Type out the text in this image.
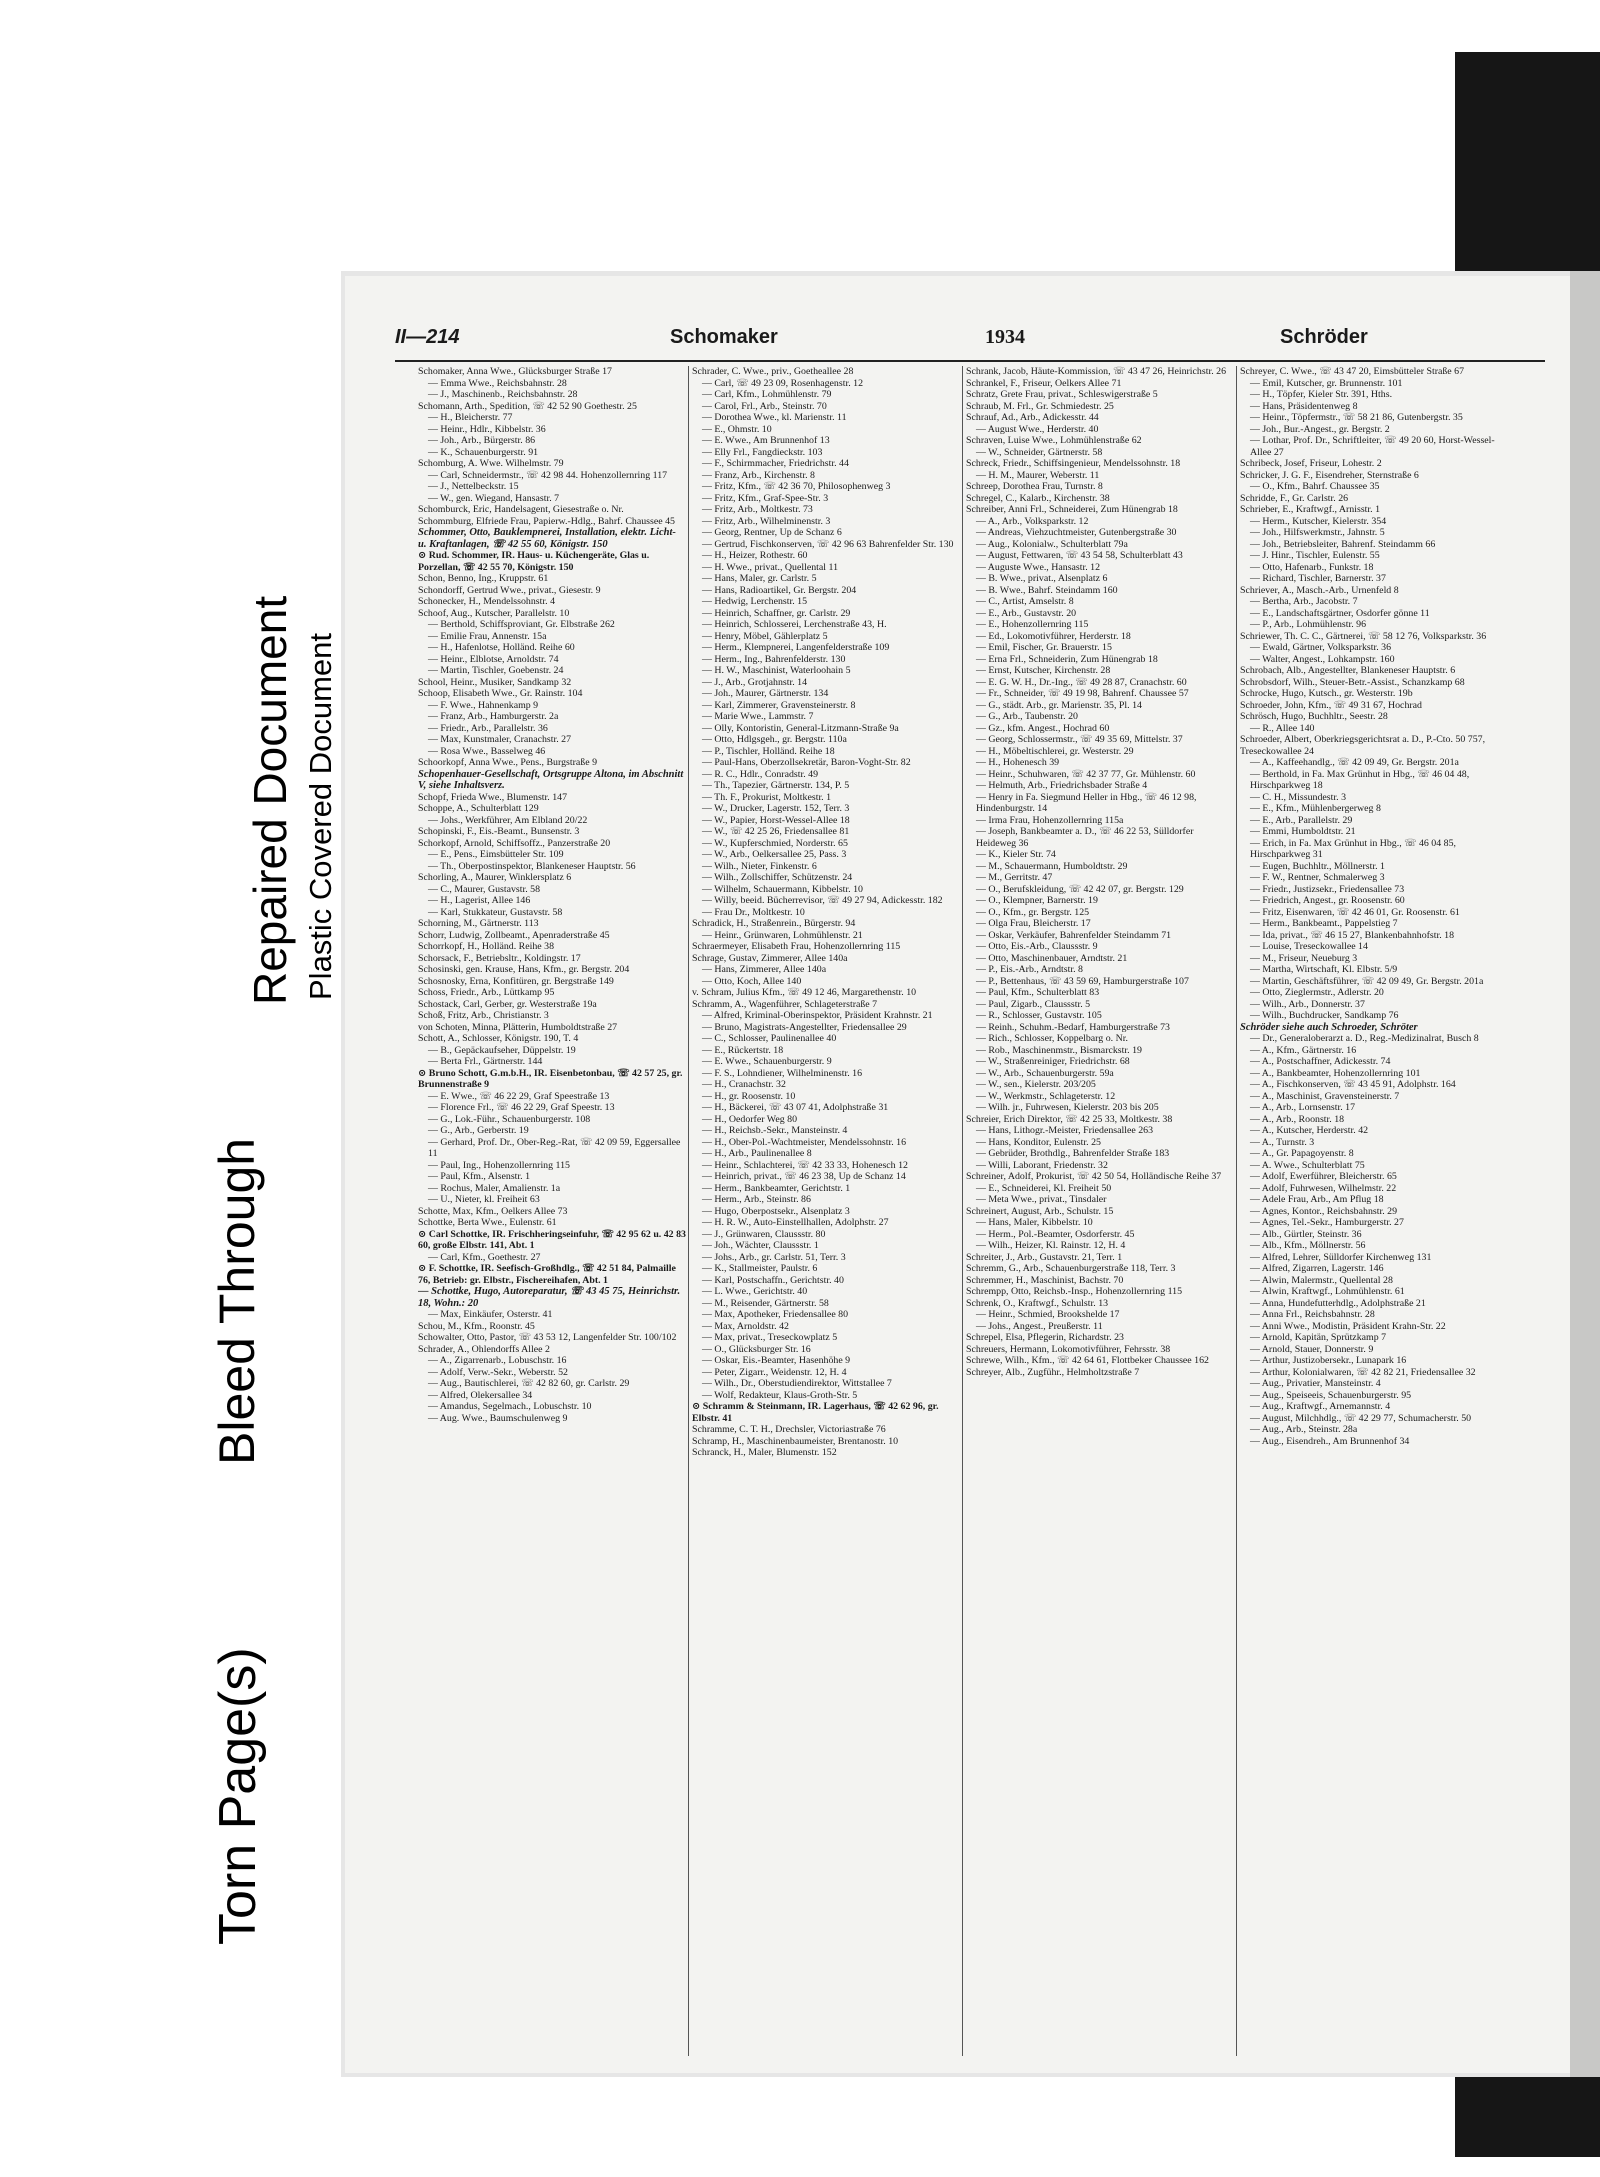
Bleed Through
Repaired Document Plastic Covered Document
Torn Page(s)
II—214	Schomaker	1934	Schröder

Schomaker, Anna Wwe., Glücksburger Straße 17

— Emma Wwe., Reichsbahnstr. 28

— J., Maschinenb., Reichsbahnstr. 28

Schomann, Arth., Spedition, ☏ 42 52 90 Goethestr. 25

— H., Bleicherstr. 77

— Heinr., Hdlr., Kibbelstr. 36

— Joh., Arb., Bürgerstr. 86

— K., Schauenburgerstr. 91

Schomburg, A. Wwe. Wilhelmstr. 79

— Carl, Schneidermstr., ☏ 42 98 44. Hohenzollernring 117

— J., Nettelbeckstr. 15

— W., gen. Wiegand, Hansastr. 7

Schomburck, Eric, Handelsagent, Giesestraße o. Nr.

Schommburg, Elfriede Frau, Papierw.-Hdlg., Bahrf. Chaussee 45

Schommer, Otto, Bauklempnerei, Installation, elektr. Licht- u. Kraftanlagen, ☏ 42 55 60, Königstr. 150

⊙ Rud. Schommer, IR. Haus- u. Küchengeräte, Glas u. Porzellan, ☏ 42 55 70, Königstr. 150

Schon, Benno, Ing., Kruppstr. 61

Schondorff, Gertrud Wwe., privat., Giesestr. 9

Schonecker, H., Mendelssohnstr. 4

Schoof, Aug., Kutscher, Parallelstr. 10

— Berthold, Schiffsproviant, Gr. Elbstraße 262

— Emilie Frau, Annenstr. 15a

— H., Hafenlotse, Holländ. Reihe 60

— Heinr., Elblotse, Arnoldstr. 74

— Martin, Tischler, Goebenstr. 24

School, Heinr., Musiker, Sandkamp 32

Schoop, Elisabeth Wwe., Gr. Rainstr. 104

— F. Wwe., Hahnenkamp 9

— Franz, Arb., Hamburgerstr. 2a

— Friedr., Arb., Parallelstr. 36

— Max, Kunstmaler, Cranachstr. 27

— Rosa Wwe., Basselweg 46

Schoorkopf, Anna Wwe., Pens., Burgstraße 9

Schopenhauer-Gesellschaft, Ortsgruppe Altona, im Abschnitt V, siehe Inhaltsverz.

Schopf, Frieda Wwe., Blumenstr. 147

Schoppe, A., Schulterblatt 129

— Johs., Werkführer, Am Elbland 20/22

Schopinski, F., Eis.-Beamt., Bunsenstr. 3

Schorkopf, Arnold, Schiffsoffz., Panzerstraße 20

— E., Pens., Eimsbütteler Str. 109

— Th., Oberpostinspektor, Blankeneser Hauptstr. 56

Schorling, A., Maurer, Winklersplatz 6

— C., Maurer, Gustavstr. 58

— H., Lagerist, Allee 146

— Karl, Stukkateur, Gustavstr. 58

Schorning, M., Gärtnerstr. 113

Schorr, Ludwig, Zollbeamt., Apenraderstraße 45

Schorrkopf, H., Holländ. Reihe 38

Schorsack, F., Betriebsltr., Koldingstr. 17

Schosinski, gen. Krause, Hans, Kfm., gr. Bergstr. 204

Schosnosky, Erna, Konfitüren, gr. Bergstraße 149

Schoss, Friedr., Arb., Lüttkamp 95

Schostack, Carl, Gerber, gr. Westerstraße 19a

Schoß, Fritz, Arb., Christianstr. 3

von Schoten, Minna, Plätterin, Humboldtstraße 27

Schott, A., Schlosser, Königstr. 190, T. 4

— B., Gepäckaufseher, Düppelstr. 19

— Berta Frl., Gärtnerstr. 144

⊙ Bruno Schott, G.m.b.H., IR. Eisenbetonbau, ☏ 42 57 25, gr. Brunnenstraße 9

— E. Wwe., ☏ 46 22 29, Graf Speestraße 13

— Florence Frl., ☏ 46 22 29, Graf Speestr. 13

— G., Lok.-Führ., Schauenburgerstr. 108

— G., Arb., Gerberstr. 19

— Gerhard, Prof. Dr., Ober-Reg.-Rat, ☏ 42 09 59, Eggersallee 11

— Paul, Ing., Hohenzollernring 115

— Paul, Kfm., Alsenstr. 1

— Rochus, Maler, Amalienstr. 1a

— U., Nieter, kl. Freiheit 63

Schotte, Max, Kfm., Oelkers Allee 73

Schottke, Berta Wwe., Eulenstr. 61

⊙ Carl Schottke, IR. Frischheringseinfuhr, ☏ 42 95 62 u. 42 83 60, große Elbstr. 141, Abt. 1

— Carl, Kfm., Goethestr. 27

⊙ F. Schottke, IR. Seefisch-Großhdlg., ☏ 42 51 84, Palmaille 76, Betrieb: gr. Elbstr., Fischereihafen, Abt. 1

— Schottke, Hugo, Autoreparatur, ☏ 43 45 75, Heinrichstr. 18, Wohn.: 20

— Max, Einkäufer, Osterstr. 41

Schou, M., Kfm., Roonstr. 45

Schowalter, Otto, Pastor, ☏ 43 53 12, Langenfelder Str. 100/102

Schrader, A., Ohlendorffs Allee 2

— A., Zigarrenarb., Lobuschstr. 16

— Adolf, Verw.-Sekr., Weberstr. 52

— Aug., Bautischlerei, ☏ 42 82 60, gr. Carlstr. 29

— Alfred, Olekersallee 34

— Amandus, Segelmach., Lobuschstr. 10

— Aug. Wwe., Baumschulenweg 9

Schrader, C. Wwe., priv., Goetheallee 28

— Carl, ☏ 49 23 09, Rosenhagenstr. 12

— Carl, Kfm., Lohmühlenstr. 79

— Carol, Frl., Arb., Steinstr. 70

— Dorothea Wwe., kl. Marienstr. 11

— E., Ohmstr. 10

— E. Wwe., Am Brunnenhof 13

— Elly Frl., Fangdieckstr. 103

— F., Schirmmacher, Friedrichstr. 44

— Franz, Arb., Kirchenstr. 8

— Fritz, Kfm., ☏ 42 36 70, Philosophenweg 3

— Fritz, Kfm., Graf-Spee-Str. 3

— Fritz, Arb., Moltkestr. 73

— Fritz, Arb., Wilhelminenstr. 3

— Georg, Rentner, Up de Schanz 6

— Gertrud, Fischkonserven, ☏ 42 96 63 Bahrenfelder Str. 130

— H., Heizer, Rothestr. 60

— H. Wwe., privat., Quellental 11

— Hans, Maler, gr. Carlstr. 5

— Hans, Radioartikel, Gr. Bergstr. 204

— Hedwig, Lerchenstr. 15

— Heinrich, Schaffner, gr. Carlstr. 29

— Heinrich, Schlosserei, Lerchenstraße 43, H.

— Henry, Möbel, Gählerplatz 5

— Herm., Klempnerei, Langenfelderstraße 109

— Herm., Ing., Bahrenfelderstr. 130

— H. W., Maschinist, Waterloohain 5

— J., Arb., Grotjahnstr. 14

— Joh., Maurer, Gärtnerstr. 134

— Karl, Zimmerer, Gravensteinerstr. 8

— Marie Wwe., Lammstr. 7

— Olly, Kontoristin, General-Litzmann-Straße 9a

— Otto, Hdlgsgeh., gr. Bergstr. 110a

— P., Tischler, Holländ. Reihe 18

— Paul-Hans, Oberzollsekretär, Baron-Voght-Str. 82

— R. C., Hdlr., Conradstr. 49

— Th., Tapezier, Gärtnerstr. 134, P. 5

— Th. F., Prokurist, Moltkestr. 1

— W., Drucker, Lagerstr. 152, Terr. 3

— W., Papier, Horst-Wessel-Allee 18

— W., ☏ 42 25 26, Friedensallee 81

— W., Kupferschmied, Norderstr. 65

— W., Arb., Oelkersallee 25, Pass. 3

— Wilh., Nieter, Finkenstr. 6

— Wilh., Zollschiffer, Schützenstr. 24

— Wilhelm, Schauermann, Kibbelstr. 10

— Willy, beeid. Bücherrevisor, ☏ 49 27 94, Adickesstr. 182

— Frau Dr., Moltkestr. 10

Schradick, H., Straßenrein., Bürgerstr. 94

— Heinr., Grünwaren, Lohmühlenstr. 21

Schraermeyer, Elisabeth Frau, Hohenzollernring 115

Schrage, Gustav, Zimmerer, Allee 140a

— Hans, Zimmerer, Allee 140a

— Otto, Koch, Allee 140

v. Schram, Julius Kfm., ☏ 49 12 46, Margarethenstr. 10

Schramm, A., Wagenführer, Schlageterstraße 7

— Alfred, Kriminal-Oberinspektor, Präsident Krahnstr. 21

— Bruno, Magistrats-Angestellter, Friedensallee 29

— C., Schlosser, Paulinenallee 40

— E., Rückertstr. 18

— E. Wwe., Schauenburgerstr. 9

— F. S., Lohndiener, Wilhelminenstr. 16

— H., Cranachstr. 32

— H., gr. Roosenstr. 10

— H., Bäckerei, ☏ 43 07 41, Adolphstraße 31

— H., Oedorfer Weg 80

— H., Reichsb.-Sekr., Mansteinstr. 4

— H., Ober-Pol.-Wachtmeister, Mendelssohnstr. 16

— H., Arb., Paulinenallee 8

— Heinr., Schlachterei, ☏ 42 33 33, Hohenesch 12

— Heinrich, privat., ☏ 46 23 38, Up de Schanz 14

— Herm., Bankbeamter, Gerichtstr. 1

— Herm., Arb., Steinstr. 86

— Hugo, Oberpostsekr., Alsenplatz 3

— H. R. W., Auto-Einstellhallen, Adolphstr. 27

— J., Grünwaren, Claussstr. 80

— Joh., Wächter, Claussstr. 1

— Johs., Arb., gr. Carlstr. 51, Terr. 3

— K., Stallmeister, Paulstr. 6

— Karl, Postschaffn., Gerichtstr. 40

— L. Wwe., Gerichtstr. 40

— M., Reisender, Gärtnerstr. 58

— Max, Apotheker, Friedensallee 80

— Max, Arnoldstr. 42

— Max, privat., Treseckowplatz 5

— O., Glücksburger Str. 16

— Oskar, Eis.-Beamter, Hasenhöhe 9

— Peter, Zigarr., Weidenstr. 12, H. 4

— Wilh., Dr., Oberstudiendirektor, Wittstallee 7

— Wolf, Redakteur, Klaus-Groth-Str. 5

⊙ Schramm & Steinmann, IR. Lagerhaus, ☏ 42 62 96, gr. Elbstr. 41

Schramme, C. T. H., Drechsler, Victoriastraße 76

Schramp, H., Maschinenbaumeister, Brentanostr. 10

Schranck, H., Maler, Blumenstr. 152

Schrank, Jacob, Häute-Kommission, ☏ 43 47 26, Heinrichstr. 26

Schrankel, F., Friseur, Oelkers Allee 71

Schratz, Grete Frau, privat., Schleswigerstraße 5

Schraub, M. Frl., Gr. Schmiedestr. 25

Schrauf, Ad., Arb., Adickesstr. 44

— August Wwe., Herderstr. 40

Schraven, Luise Wwe., Lohmühlenstraße 62

— W., Schneider, Gärtnerstr. 58

Schreck, Friedr., Schiffsingenieur, Mendelssohnstr. 18

— H. M., Maurer, Weberstr. 11

Schreep, Dorothea Frau, Turnstr. 8

Schregel, C., Kalarb., Kirchenstr. 38

Schreiber, Anni Frl., Schneiderei, Zum Hünengrab 18

— A., Arb., Volksparkstr. 12

— Andreas, Viehzuchtmeister, Gutenbergstraße 30

— Aug., Kolonialw., Schulterblatt 79a

— August, Fettwaren, ☏ 43 54 58, Schulterblatt 43

— Auguste Wwe., Hansastr. 12

— B. Wwe., privat., Alsenplatz 6

— B. Wwe., Bahrf. Steindamm 160

— C., Artist, Amselstr. 8

— E., Arb., Gustavstr. 20

— E., Hohenzollernring 115

— Ed., Lokomotivführer, Herderstr. 18

— Emil, Fischer, Gr. Brauerstr. 15

— Erna Frl., Schneiderin, Zum Hünengrab 18

— Ernst, Kutscher, Kirchenstr. 28

— E. G. W. H., Dr.-Ing., ☏ 49 28 87, Cranachstr. 60

— Fr., Schneider, ☏ 49 19 98, Bahrenf. Chaussee 57

— G., städt. Arb., gr. Marienstr. 35, Pl. 14

— G., Arb., Taubenstr. 20

— Gz., kfm. Angest., Hochrad 60

— Georg, Schlossermstr., ☏ 49 35 69, Mittelstr. 37

— H., Möbeltischlerei, gr. Westerstr. 29

— H., Hohenesch 39

— Heinr., Schuhwaren, ☏ 42 37 77, Gr. Mühlenstr. 60

— Helmuth, Arb., Friedrichsbader Straße 4

— Henry in Fa. Siegmund Heller in Hbg., ☏ 46 12 98, Hindenburgstr. 14

— Irma Frau, Hohenzollernring 115a

— Joseph, Bankbeamter a. D., ☏ 46 22 53, Sülldorfer Heideweg 36

— K., Kieler Str. 74

— M., Schauermann, Humboldtstr. 29

— M., Gerritstr. 47

— O., Berufskleidung, ☏ 42 42 07, gr. Bergstr. 129

— O., Klempner, Barnerstr. 19

— O., Kfm., gr. Bergstr. 125

— Olga Frau, Bleicherstr. 17

— Oskar, Verkäufer, Bahrenfelder Steindamm 71

— Otto, Eis.-Arb., Claussstr. 9

— Otto, Maschinenbauer, Arndtstr. 21

— P., Eis.-Arb., Arndtstr. 8

— P., Bettenhaus, ☏ 43 59 69, Hamburgerstraße 107

— Paul, Kfm., Schulterblatt 83

— Paul, Zigarb., Claussstr. 5

— R., Schlosser, Gustavstr. 105

— Reinh., Schuhm.-Bedarf, Hamburgerstraße 73

— Rich., Schlosser, Koppelbarg o. Nr.

— Rob., Maschinenmstr., Bismarckstr. 19

— W., Straßenreiniger, Friedrichstr. 68

— W., Arb., Schauenburgerstr. 59a

— W., sen., Kielerstr. 203/205

— W., Werkmstr., Schlageterstr. 12

— Wilh. jr., Fuhrwesen, Kielerstr. 203 bis 205

Schreier, Erich Direktor, ☏ 42 25 33, Moltkestr. 38

— Hans, Lithogr.-Meister, Friedensallee 263

— Hans, Konditor, Eulenstr. 25

— Gebrüder, Brothdlg., Bahrenfelder Straße 183

— Willi, Laborant, Friedenstr. 32

Schreiner, Adolf, Prokurist, ☏ 42 50 54, Holländische Reihe 37

— E., Schneiderei, Kl. Freiheit 50

— Meta Wwe., privat., Tinsdaler

Schreinert, August, Arb., Schulstr. 15

— Hans, Maler, Kibbelstr. 10

— Herm., Pol.-Beamter, Osdorferstr. 45

— Wilh., Heizer, Kl. Rainstr. 12, H. 4

Schreiter, J., Arb., Gustavstr. 21, Terr. 1

Schremm, G., Arb., Schauenburgerstraße 118, Terr. 3

Schremmer, H., Maschinist, Bachstr. 70

Schrempp, Otto, Reichsb.-Insp., Hohenzollernring 115

Schrenk, O., Kraftwgf., Schulstr. 13

— Heinr., Schmied, Brookshelde 17

— Johs., Angest., Preußerstr. 11

Schrepel, Elsa, Pflegerin, Richardstr. 23

Schreuers, Hermann, Lokomotivführer, Fehrsstr. 38

Schrewe, Wilh., Kfm., ☏ 42 64 61, Flottbeker Chaussee 162

Schreyer, Alb., Zugführ., Helmholtzstraße 7

Schreyer, C. Wwe., ☏ 43 47 20, Eimsbütteler Straße 67

— Emil, Kutscher, gr. Brunnenstr. 101

— H., Töpfer, Kieler Str. 391, Hths.

— Hans, Präsidentenweg 8

— Heinr., Töpfermstr., ☏ 58 21 86, Gutenbergstr. 35

— Joh., Bur.-Angest., gr. Bergstr. 2

— Lothar, Prof. Dr., Schriftleiter, ☏ 49 20 60, Horst-Wessel-Allee 27

Schribeck, Josef, Friseur, Lohestr. 2

Schricker, J. G. F., Eisendreher, Sternstraße 6

— O., Kfm., Bahrf. Chaussee 35

Schridde, F., Gr. Carlstr. 26

Schrieber, E., Kraftwgf., Arnisstr. 1

— Herm., Kutscher, Kielerstr. 354

— Joh., Hilfswerkmstr., Jahnstr. 5

— Joh., Betriebsleiter, Bahrenf. Steindamm 66

— J. Hinr., Tischler, Eulenstr. 55

— Otto, Hafenarb., Funkstr. 18

— Richard, Tischler, Barnerstr. 37

Schriever, A., Masch.-Arb., Urnenfeld 8

— Bertha, Arb., Jacobstr. 7

— E., Landschaftsgärtner, Osdorfer gönne 11

— P., Arb., Lohmühlenstr. 96

Schriewer, Th. C. C., Gärtnerei, ☏ 58 12 76, Volksparkstr. 36

— Ewald, Gärtner, Volksparkstr. 36

— Walter, Angest., Lohkampstr. 160

Schrobach, Alb., Angestellter, Blankeneser Hauptstr. 6

Schrobsdorf, Wilh., Steuer-Betr.-Assist., Schanzkamp 68

Schrocke, Hugo, Kutsch., gr. Westerstr. 19b

Schroeder, John, Kfm., ☏ 49 31 67, Hochrad

Schrösch, Hugo, Buchhltr., Seestr. 28

— R., Allee 140

Schroeder, Albert, Oberkriegsgerichtsrat a. D., P.-Cto. 50 757, Treseckowallee 24

— A., Kaffeehandlg., ☏ 42 09 49, Gr. Bergstr. 201a

— Berthold, in Fa. Max Grünhut in Hbg., ☏ 46 04 48, Hirschparkweg 18

— C. H., Missundestr. 3

— E., Kfm., Mühlenbergerweg 8

— E., Arb., Parallelstr. 29

— Emmi, Humboldtstr. 21

— Erich, in Fa. Max Grünhut in Hbg., ☏ 46 04 85, Hirschparkweg 31

— Eugen, Buchhltr., Möllnerstr. 1

— F. W., Rentner, Schmalerweg 3

— Friedr., Justizsekr., Friedensallee 73

— Friedrich, Angest., gr. Roosenstr. 60

— Fritz, Eisenwaren, ☏ 42 46 01, Gr. Roosenstr. 61

— Herm., Bankbeamt., Pappelstieg 7

— Ida, privat., ☏ 46 15 27, Blankenbahnhofstr. 18

— Louise, Treseckowallee 14

— M., Friseur, Neueburg 3

— Martha, Wirtschaft, Kl. Elbstr. 5/9

— Martin, Geschäftsführer, ☏ 42 09 49, Gr. Bergstr. 201a

— Otto, Zieglermstr., Adlerstr. 20

— Wilh., Arb., Donnerstr. 37

— Wilh., Buchdrucker, Sandkamp 76

Schröder siehe auch Schroeder, Schröter

— Dr., Generaloberarzt a. D., Reg.-Medizinalrat, Busch 8

— A., Kfm., Gärtnerstr. 16

— A., Postschaffner, Adickesstr. 74

— A., Bankbeamter, Hohenzollernring 101

— A., Fischkonserven, ☏ 43 45 91, Adolphstr. 164

— A., Maschinist, Gravensteinerstr. 7

— A., Arb., Lornsenstr. 17

— A., Arb., Roonstr. 18

— A., Kutscher, Herderstr. 42

— A., Turnstr. 3

— A., Gr. Papagoyenstr. 8

— A. Wwe., Schulterblatt 75

— Adolf, Ewerführer, Bleicherstr. 65

— Adolf, Fuhrwesen, Wilhelmstr. 22

— Adele Frau, Arb., Am Pflug 18

— Agnes, Kontor., Reichsbahnstr. 29

— Agnes, Tel.-Sekr., Hamburgerstr. 27

— Alb., Gürtler, Steinstr. 36

— Alb., Kfm., Möllnerstr. 56

— Alfred, Lehrer, Sülldorfer Kirchenweg 131

— Alfred, Zigarren, Lagerstr. 146

— Alwin, Malermstr., Quellental 28

— Alwin, Kraftwgf., Lohmühlenstr. 61

— Anna, Hundefutterhdlg., Adolphstraße 21

— Anna Frl., Reichsbahnstr. 28

— Anni Wwe., Modistin, Präsident Krahn-Str. 22

— Arnold, Kapitän, Sprützkamp 7

— Arnold, Stauer, Donnerstr. 9

— Arthur, Justizobersekr., Lunapark 16

— Arthur, Kolonialwaren, ☏ 42 82 21, Friedensallee 32

— Aug., Privatier, Mansteinstr. 4

— Aug., Speiseeis, Schauenburgerstr. 95

— Aug., Kraftwgf., Arnemannstr. 4

— August, Milchhdlg., ☏ 42 29 77, Schumacherstr. 50

— Aug., Arb., Steinstr. 28a

— Aug., Eisendreh., Am Brunnenhof 34
